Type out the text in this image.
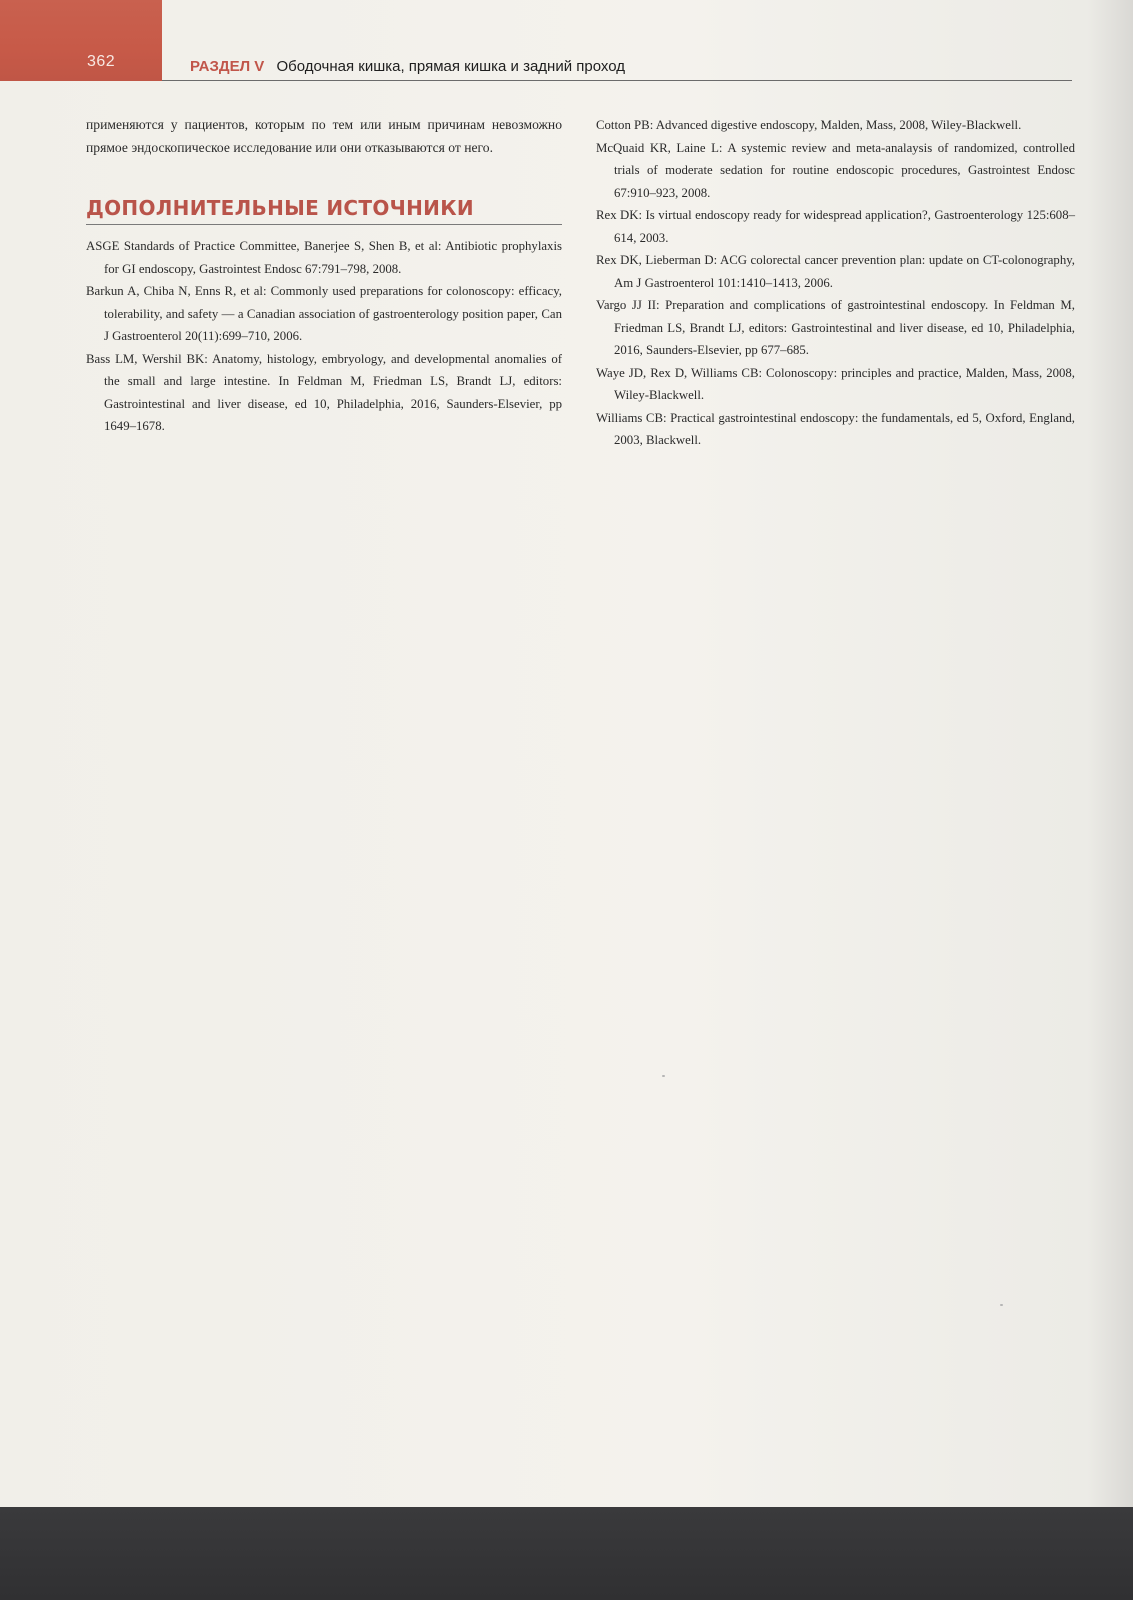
362	РАЗДЕЛ V Ободочная кишка, прямая кишка и задний проход

применяются у пациентов, которым по тем или иным причинам невозможно прямое эндоскопическое исследование или они отказываются от него.

ДОПОЛНИТЕЛЬНЫЕ ИСТОЧНИКИ
ASGE Standards of Practice Committee, Banerjee S, Shen B, et al: Antibiotic prophylaxis for GI endoscopy, Gastrointest Endosc 67:791–798, 2008.
Barkun A, Chiba N, Enns R, et al: Commonly used preparations for colonoscopy: efficacy, tolerability, and safety — a Canadian association of gastroenterology position paper, Can J Gastroenterol 20(11):699–710, 2006.
Bass LM, Wershil BK: Anatomy, histology, embryology, and developmental anomalies of the small and large intestine. In Feldman M, Friedman LS, Brandt LJ, editors: Gastrointestinal and liver disease, ed 10, Philadelphia, 2016, Saunders-Elsevier, pp 1649–1678.
Cotton PB: Advanced digestive endoscopy, Malden, Mass, 2008, Wiley-Blackwell.
McQuaid KR, Laine L: A systemic review and meta-analaysis of randomized, controlled trials of moderate sedation for routine endoscopic procedures, Gastrointest Endosc 67:910–923, 2008.
Rex DK: Is virtual endoscopy ready for widespread application?, Gastroenterology 125:608–614, 2003.
Rex DK, Lieberman D: ACG colorectal cancer prevention plan: update on CT-colonography, Am J Gastroenterol 101:1410–1413, 2006.
Vargo JJ II: Preparation and complications of gastrointestinal endoscopy. In Feldman M, Friedman LS, Brandt LJ, editors: Gastrointestinal and liver disease, ed 10, Philadelphia, 2016, Saunders-Elsevier, pp 677–685.
Waye JD, Rex D, Williams CB: Colonoscopy: principles and practice, Malden, Mass, 2008, Wiley-Blackwell.
Williams CB: Practical gastrointestinal endoscopy: the fundamentals, ed 5, Oxford, England, 2003, Blackwell.
